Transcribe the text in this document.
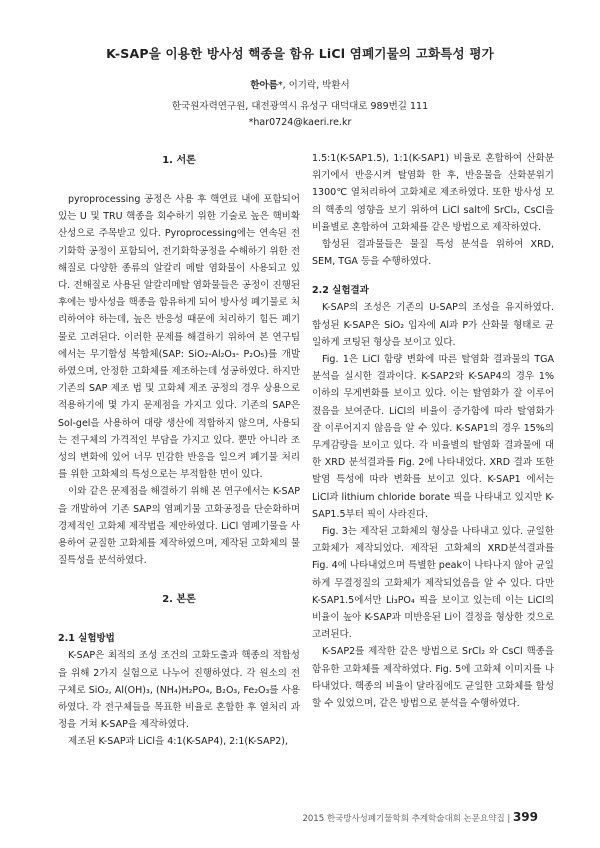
K-SAP을 이용한 방사성 핵종을 함유 LiCl 염폐기물의 고화특성 평가
한아름*, 이기락, 박환서
한국원자력연구원, 대전광역시 유성구 대덕대로 989번길 111
*har0724@kaeri.re.kr
1. 서론

pyroprocessing 공정은 사용 후 핵연료 내에 포함되어 있는 U 및 TRU 핵종을 회수하기 위한 기술로 높은 핵비확산성으로 주목받고 있다. Pyroprocessing에는 연속된 전기화학 공정이 포함되어, 전기화학공정을 수해하기 위한 전해질로 다양한 종류의 알칼리 메탈 염화물이 사용되고 있다. 전해질로 사용된 알칼리메탈 염화물들은 공정이 진행된 후에는 방사성을 핵종을 함유하게 되어 방사성 폐기물로 처리하여야 하는데, 높은 반응성 때문에 처리하기 힘든 폐기물로 고려된다. 이러한 문제를 해결하기 위하여 본 연구팀에서는 무기합성 복합체(SAP: SiO₂-Al₂O₃- P₂O₅)를 개발하였으며, 안정한 고화체를 제조하는데 성공하였다. 하지만 기존의 SAP 제조 법 및 고화체 제조 공정의 경우 상용으로 적용하기에 몇 가지 문제점을 가지고 있다. 기존의 SAP은 Sol-gel을 사용하여 대량 생산에 적합하지 않으며, 사용되는 전구체의 가격적인 부담을 가지고 있다. 뿐만 아니라 조성의 변화에 있어 너무 민감한 반응을 일으켜 폐기물 처리를 위한 고화체의 특성으로는 부적합한 면이 있다.

이와 같은 문제점을 해결하기 위해 본 연구에서는 K-SAP을 개발하여 기존 SAP의 염폐기물 고화공정을 단순화하며 경제적인 고화체 제작법을 제안하였다. LiCl 염폐기물을 사용하여 균질한 고화체를 제작하였으며, 제작된 고화체의 물질특성을 분석하였다.

2. 본론
2.1 실험방법

K-SAP은 최적의 조성 조건의 고화도출과 핵종의 적합성을 위해 2가지 실험으로 나누어 진행하였다. 각 원소의 전구체로 SiO₂, Al(OH)₃, (NH₄)H₂PO₄, B₂O₃, Fe₂O₃를 사용하였다. 각 전구체들을 목표한 비율로 혼합한 후 열처리 과정을 거쳐 K-SAP을 제작하였다.

제조된 K-SAP과 LiCl을 4:1(K-SAP4), 2:1(K-SAP2),

1.5:1(K-SAP1.5), 1:1(K-SAP1) 비율로 혼합하여 산화분위기에서 반응시켜 탈염화 한 후, 반응물을 산화분위기 1300℃ 열처리하여 고화체로 제조하였다. 또한 방사성 모의 핵종의 영향을 보기 위하여 LiCl salt에 SrCl₂, CsCl을 비율별로 혼합하여 고화체를 같은 방법으로 제작하였다.

합성된 결과물들은 물질 특성 분석을 위하여 XRD, SEM, TGA 등을 수행하였다.

2.2 실험결과

K-SAP의 조성은 기존의 U-SAP의 조성을 유지하였다. 합성된 K-SAP은 SiO₂ 입자에 Al과 P가 산화물 형태로 균일하게 코팅된 형상을 보이고 있다.

Fig. 1은 LiCl 함량 변화에 따른 탈염화 결과물의 TGA 분석을 실시한 결과이다. K-SAP2와 K-SAP4의 경우 1% 이하의 무게변화를 보이고 있다. 이는 탈염화가 잘 이루어 졌음을 보여준다. LiCl의 비율이 증가함에 따라 탈염화가 잘 이루어지지 않음을 알 수 있다. K-SAP1의 경우 15%의 무게감량을 보이고 있다. 각 비율별의 탈염화 결과물에 대한 XRD 분석결과를 Fig. 2에 나타내었다. XRD 결과 또한 탈염 특성에 따라 변화를 보이고 있다. K-SAP1 에서는 LiCl과 lithium chloride borate 픽을 나타내고 있지만 K-SAP1.5부터 픽이 사라진다.

Fig. 3는 제작된 고화체의 형상을 나타내고 있다. 균일한 고화체가 제작되었다. 제작된 고화체의 XRD분석결과를 Fig. 4에 나타내었으며 특별한 peak이 나타나지 않아 균일하게 무결정질의 고화체가 제작되었음을 알 수 있다. 다만 K-SAP1.5에서만 Li₃PO₄ 픽을 보이고 있는데 이는 LiCl의 비율이 높아 K-SAP과 미반응된 Li이 결정을 형상한 것으로 고려된다.

K-SAP2를 제작한 같은 방법으로 SrCl₂ 와 CsCl 핵종을 함유한 고화체를 제작하였다. Fig. 5에 고화체 이미지를 나타내었다. 핵종의 비율이 달라짐에도 균일한 고화체를 합성할 수 있었으며, 같은 방법으로 분석을 수행하였다.

2015 한국방사성폐기물학회 추계학술대회 논문요약집 | 399
